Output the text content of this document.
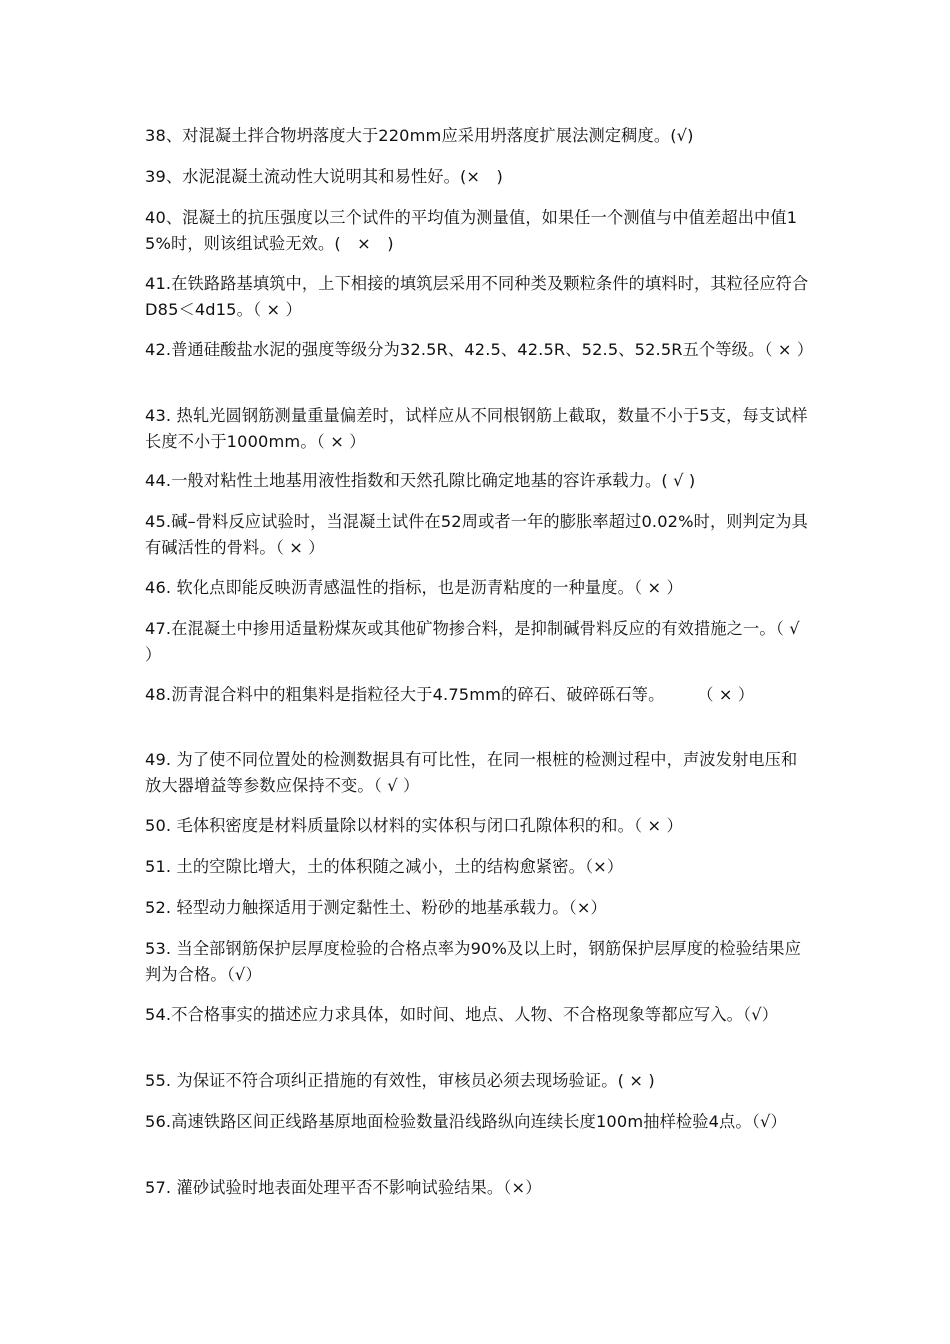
38、对混凝土拌合物坍落度大于220mm应采用坍落度扩展法测定稠度。(√)

39、水泥混凝土流动性大说明其和易性好。(×　)

40、混凝土的抗压强度以三个试件的平均值为测量值，如果任一个测值与中值差超出中值15%时，则该组试验无效。(　×　)

41.在铁路路基填筑中，上下相接的填筑层采用不同种类及颗粒条件的填料时，其粒径应符合D85＜4d15。（ × ）

42.普通硅酸盐水泥的强度等级分为32.5R、42.5、42.5R、52.5、52.5R五个等级。（ × ）

43. 热轧光圆钢筋测量重量偏差时，试样应从不同根钢筋上截取，数量不小于5支，每支试样长度不小于1000mm。（ × ）

44.一般对粘性土地基用液性指数和天然孔隙比确定地基的容许承载力。( √ )

45.碱–骨料反应试验时，当混凝土试件在52周或者一年的膨胀率超过0.02%时，则判定为具有碱活性的骨料。（ × ）

46. 软化点即能反映沥青感温性的指标，也是沥青粘度的一种量度。（ × ）

47.在混凝土中掺用适量粉煤灰或其他矿物掺合料，是抑制碱骨料反应的有效措施之一。（ √ ）

48.沥青混合料中的粗集料是指粒径大于4.75mm的碎石、破碎砾石等。　　　（ × ）

49. 为了使不同位置处的检测数据具有可比性，在同一根桩的检测过程中，声波发射电压和放大器增益等参数应保持不变。（ √ ）

50. 毛体积密度是材料质量除以材料的实体积与闭口孔隙体积的和。（ × ）

51. 土的空隙比增大，土的体积随之减小，土的结构愈紧密。（×）

52. 轻型动力触探适用于测定黏性土、粉砂的地基承载力。（×）

53. 当全部钢筋保护层厚度检验的合格点率为90%及以上时，钢筋保护层厚度的检验结果应判为合格。（√）

54.不合格事实的描述应力求具体，如时间、地点、人物、不合格现象等都应写入。（√）

55. 为保证不符合项纠正措施的有效性，审核员必须去现场验证。( × )

56.高速铁路区间正线路基原地面检验数量沿线路纵向连续长度100m抽样检验4点。（√）

57. 灌砂试验时地表面处理平否不影响试验结果。（×）
